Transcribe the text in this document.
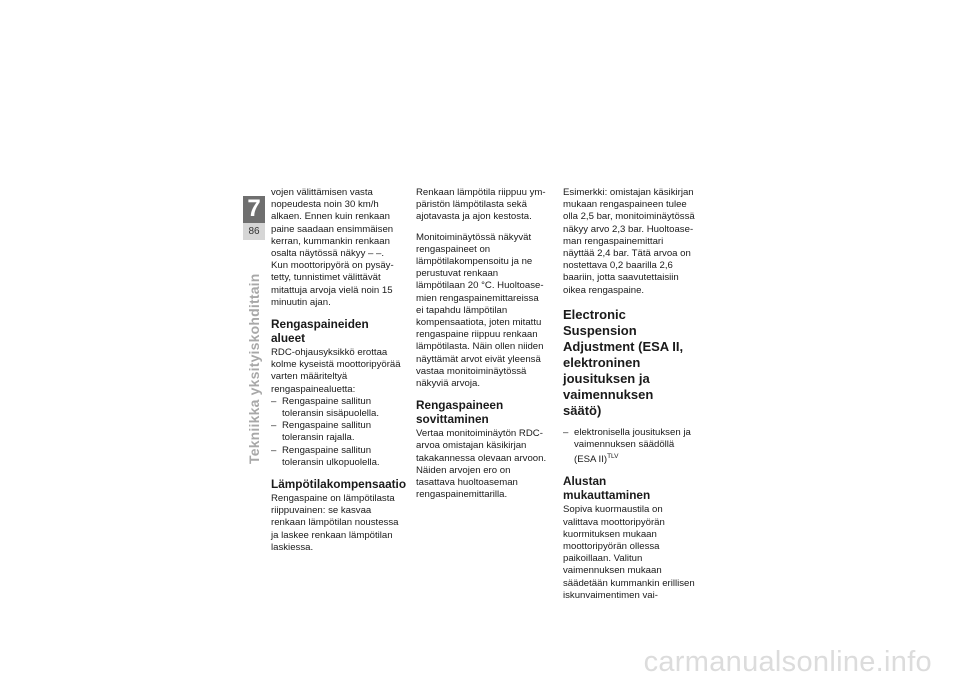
7
86
Tekniikka yksityiskohdittain

vojen välittämisen vasta nopeudesta noin 30 km/h alkaen. Ennen kuin renkaan paine saadaan ensimmäisen kerran, kummankin renkaan osalta näytössä näkyy – –. Kun moottoripyörä on pysäytetty, tunnistimet välittävät mitattuja arvoja vielä noin 15 minuutin ajan.

Rengaspaineiden alueet

RDC-ohjausyksikkö erottaa kolme kyseistä moottoripyörää varten määriteltyä rengaspainealuetta:

– Rengaspaine sallitun toleransin sisäpuolella.
– Rengaspaine sallitun toleransin rajalla.
– Rengaspaine sallitun toleransin ulkopuolella.
Lämpötilakompensaatio

Rengaspaine on lämpötilasta riippuvainen: se kasvaa renkaan lämpötilan noustessa ja laskee renkaan lämpötilan laskiessa.

Renkaan lämpötila riippuu ympäristön lämpötilasta sekä ajotavasta ja ajon kestosta.

Monitoiminäytössä näkyvät rengaspaineet on lämpötilakompensoitu ja ne perustuvat renkaan lämpötilaan 20 °C. Huoltoasemien rengaspainemittareissa ei tapahdu lämpötilan kompensaatiota, joten mitattu rengaspaine riippuu renkaan lämpötilasta. Näin ollen niiden näyttämät arvot eivät yleensä vastaa monitoiminäytössä näkyviä arvoja.

Rengaspaineen sovittaminen

Vertaa monitoiminäytön RDC-arvoa omistajan käsikirjan takakannessa olevaan arvoon. Näiden arvojen ero on tasattava huoltoaseman rengaspainemittarilla.

Esimerkki: omistajan käsikirjan mukaan rengaspaineen tulee olla 2,5 bar, monitoiminäytössä näkyy arvo 2,3 bar. Huoltoaseman rengaspainemittari näyttää 2,4 bar. Tätä arvoa on nostettava 0,2 baarilla 2,6 baariin, jotta saavutettaisiin oikea rengaspaine.

Electronic Suspension Adjustment (ESA II, elektroninen jousituksen ja vaimennuksen säätö)
– elektronisella jousituksen ja vaimennuksen säädöllä (ESA II)$^{TLV}$
Alustan mukauttaminen

Sopiva kuormaustila on valittava moottoripyörän kuormituksen mukaan moottoripyörän ollessa paikoillaan. Valitun vaimennuksen mukaan säädetään kummankin erillisen iskunvaimentimen vai-

carmanualsonline.info
